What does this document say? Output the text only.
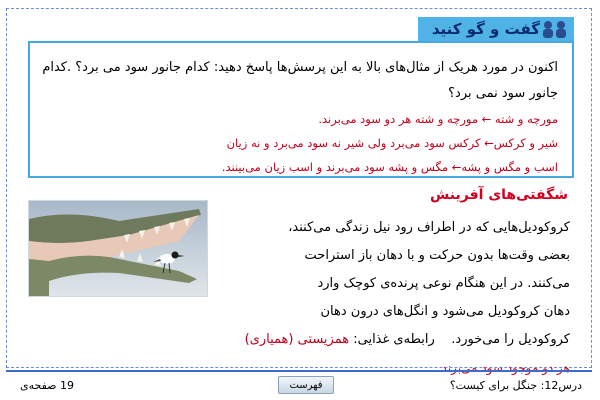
گفت و گو کنید
اکنون در مورد هریک از مثال‌های بالا به این پرسش‌ها پاسخ دهید: کدام جانور سود می برد؟ .کدام جانور سود نمی برد؟
مورچه و شته ← مورچه و شته هر دو سود می‌برند.
شیر و کرکس← کرکس سود می‌برد ولی شیر نه سود می‌برد و نه زیان
اسب و مگس و پشه← مگس و پشه سود می‌برند و اسب زیان می‌بینند.
شگفتی‌های آفرینش
کروکودیل‌هایی که در اطراف رود نیل زندگی می‌کنند،
بعضی وقت‌ها بدون حرکت و با دهان باز استراحت
می‌کنند. در این هنگام نوعی پرنده‌ی کوچک وارد
دهان کروکودیل می‌شود و انگل‌های درون دهان
کروکودیل را می‌خورد.    رابطه‌ی غذایی: همزیستی (همیاری)
هر دو موجود سود می‌برند.
19 صفحه‌ی	فهرست	درس12: جنگل برای کیست؟
